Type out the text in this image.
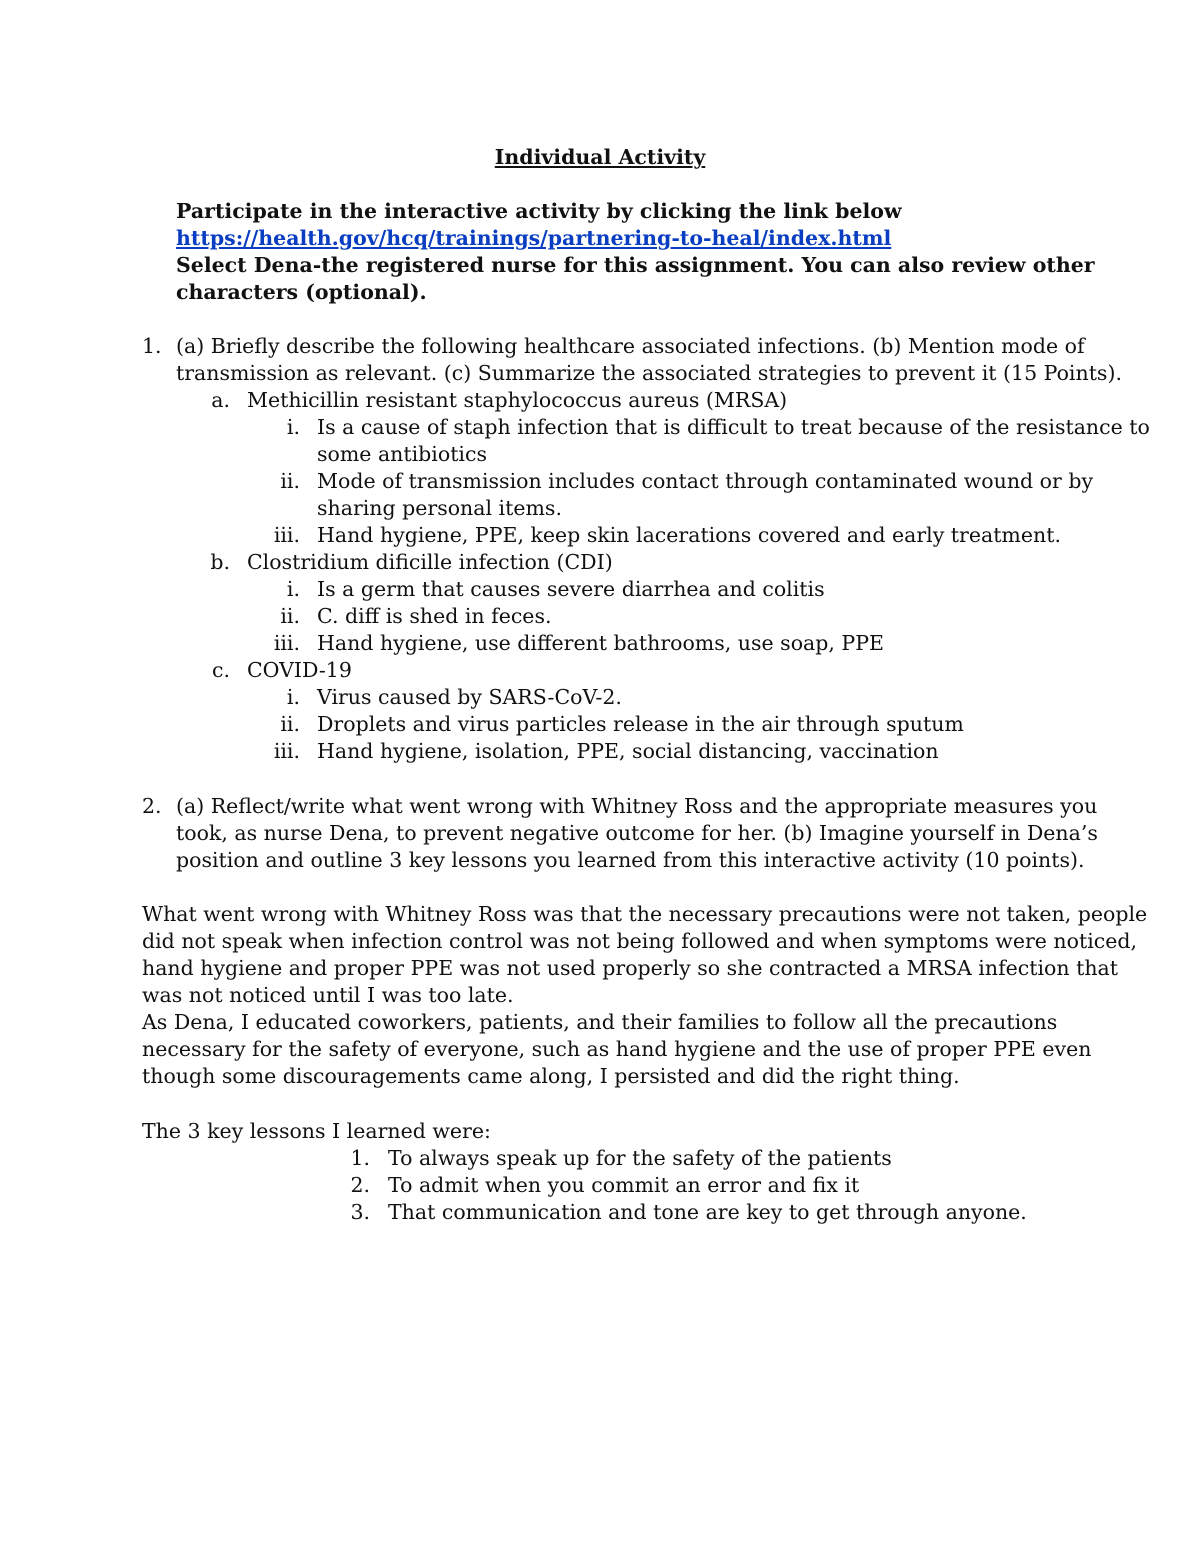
Individual Activity
Participate in the interactive activity by clicking the link below
https://health.gov/hcq/trainings/partnering-to-heal/index.html
Select Dena-the registered nurse for this assignment. You can also review other
characters (optional).
1. (a) Briefly describe the following healthcare associated infections. (b) Mention mode of
transmission as relevant. (c) Summarize the associated strategies to prevent it (15 Points).
a. Methicillin resistant staphylococcus aureus (MRSA)
i. Is a cause of staph infection that is difficult to treat because of the resistance to
some antibiotics
ii. Mode of transmission includes contact through contaminated wound or by
sharing personal items.
iii. Hand hygiene, PPE, keep skin lacerations covered and early treatment.
b. Clostridium dificille infection (CDI)
i. Is a germ that causes severe diarrhea and colitis
ii. C. diff is shed in feces.
iii. Hand hygiene, use different bathrooms, use soap, PPE
c. COVID-19
i. Virus caused by SARS-CoV-2.
ii. Droplets and virus particles release in the air through sputum
iii. Hand hygiene, isolation, PPE, social distancing, vaccination
2. (a) Reflect/write what went wrong with Whitney Ross and the appropriate measures you
took, as nurse Dena, to prevent negative outcome for her. (b) Imagine yourself in Dena’s
position and outline 3 key lessons you learned from this interactive activity (10 points).
What went wrong with Whitney Ross was that the necessary precautions were not taken, people
did not speak when infection control was not being followed and when symptoms were noticed,
hand hygiene and proper PPE was not used properly so she contracted a MRSA infection that
was not noticed until I was too late.
As Dena, I educated coworkers, patients, and their families to follow all the precautions
necessary for the safety of everyone, such as hand hygiene and the use of proper PPE even
though some discouragements came along, I persisted and did the right thing.
The 3 key lessons I learned were:
1. To always speak up for the safety of the patients
2. To admit when you commit an error and fix it
3. That communication and tone are key to get through anyone.
